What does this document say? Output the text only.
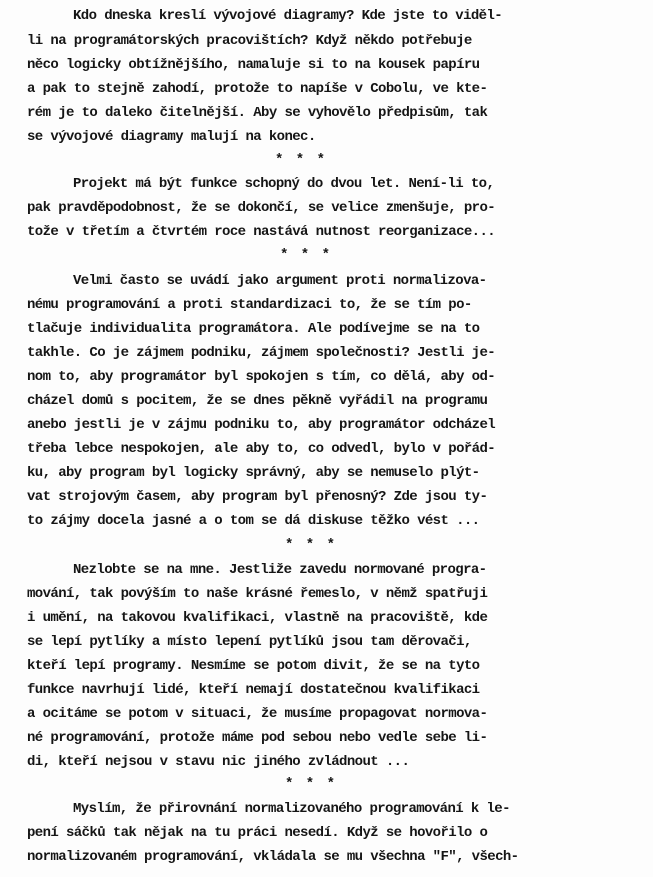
Kdo dneska kreslí vývojové diagramy? Kde jste to viděl-
li na programátorských pracovištích? Když někdo potřebuje
něco logicky obtížnějšího, namaluje si to na kousek papíru
a pak to stejně zahodí, protože to napíše v Cobolu, ve kte-
rém je to daleko čitelnější. Aby se vyhovělo předpisům, tak
se vývojové diagramy malují na konec.
* * *
Projekt má být funkce schopný do dvou let. Není-li to,
pak pravděpodobnost, že se dokončí, se velice zmenšuje, pro-
tože v třetím a čtvrtém roce nastává nutnost reorganizace...
* * *
Velmi často se uvádí jako argument proti normalizova-
nému programování a proti standardizaci to, že se tím po-
tlačuje individualita programátora. Ale podívejme se na to
takhle. Co je zájmem podniku, zájmem společnosti? Jestli je-
nom to, aby programátor byl spokojen s tím, co dělá, aby od-
cházel domů s pocitem, že se dnes pěkně vyřádil na programu
anebo jestli je v zájmu podniku to, aby programátor odcházel
třeba lebce nespokojen, ale aby to, co odvedl, bylo v pořád-
ku, aby program byl logicky správný, aby se nemuselo plýt-
vat strojovým časem, aby program byl přenosný? Zde jsou ty-
to zájmy docela jasné a o tom se dá diskuse těžko vést ...
* * *
Nezlobte se na mne. Jestliže zavedu normované progra-
mování, tak povýším to naše krásné řemeslo, v němž spatřuji
i umění, na takovou kvalifikaci, vlastně na pracoviště, kde
se lepí pytlíky a místo lepení pytlíků jsou tam děrovači,
kteří lepí programy. Nesmíme se potom divit, že se na tyto
funkce navrhují lidé, kteří nemají dostatečnou kvalifikaci
a ocitáme se potom v situaci, že musíme propagovat normova-
né programování, protože máme pod sebou nebo vedle sebe li-
di, kteří nejsou v stavu nic jiného zvládnout ...
* * *
Myslím, že přirovnání normalizovaného programování k le-
pení sáčků tak nějak na tu práci nesedí. Když se hovořilo o
normalizovaném programování, vkládala se mu všechna "F", všech-
